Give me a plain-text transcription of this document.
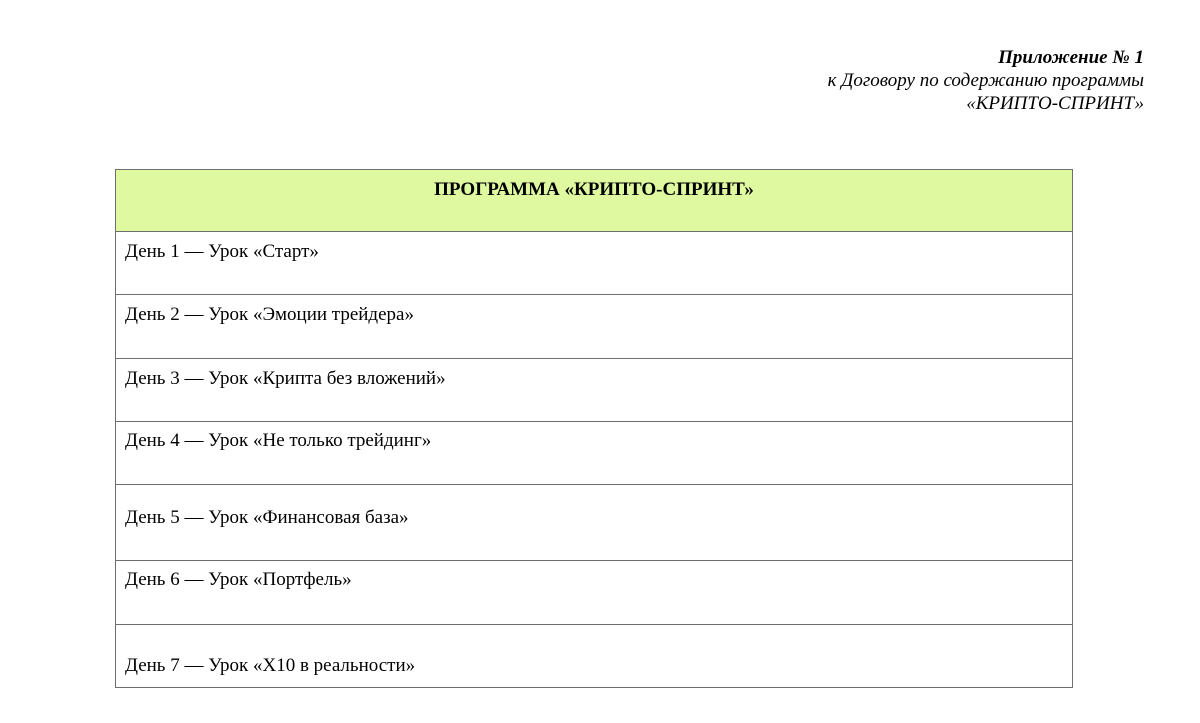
Приложение № 1
к Договору по содержанию программы
«КРИПТО-СПРИНТ»
ПРОГРАММА «КРИПТО-СПРИНТ»
День 1 — Урок «Старт»
День 2 — Урок «Эмоции трейдера»
День 3 — Урок «Крипта без вложений»
День 4 — Урок «Не только трейдинг»
День 5 — Урок «Финансовая база»
День 6 — Урок «Портфель»
День 7 — Урок «X10 в реальности»
